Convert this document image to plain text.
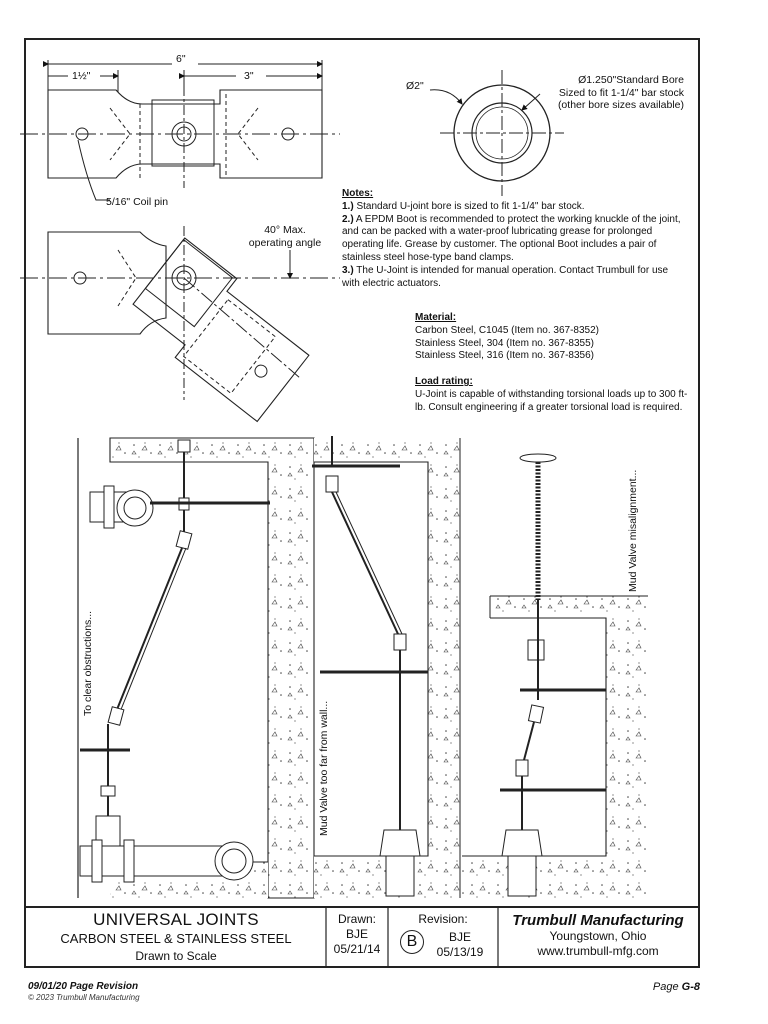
6"
1½"	3"
Ø2"	Ø1.250"Standard Bore
Sized to fit 1-1/4" bar stock
(other bore sizes available)
5/16" Coil pin
40° Max.
operating angle
Notes:
1.) Standard U-joint bore is sized to fit 1-1/4" bar stock.
2.) A EPDM Boot is recommended to protect the working knuckle of the joint, and can be packed with a water-proof lubricating grease for prolonged operating life. Grease by customer. The optional Boot includes a pair of stainless steel hose-type band clamps.
3.) The U-Joint is intended for manual operation. Contact Trumbull for use with electric actuators.
Material:
Carbon Steel, C1045 (Item no. 367-8352)
Stainless Steel, 304 (Item no. 367-8355)
Stainless Steel, 316 (Item no. 367-8356)
Load rating:
U-Joint is capable of withstanding torsional loads up to 300 ft-lb. Consult engineering if a greater torsional load is required.
To clear obstructions...
Mud Valve too far from wall...
Mud Valve misalignment...
UNIVERSAL JOINTS
CARBON STEEL & STAINLESS STEEL
Drawn to Scale
Drawn:
BJE
05/21/14
Revision:
B	BJE
05/13/19
Trumbull Manufacturing
Youngstown, Ohio
www.trumbull-mfg.com
09/01/20 Page Revision
© 2023 Trumbull Manufacturing
Page G-8
